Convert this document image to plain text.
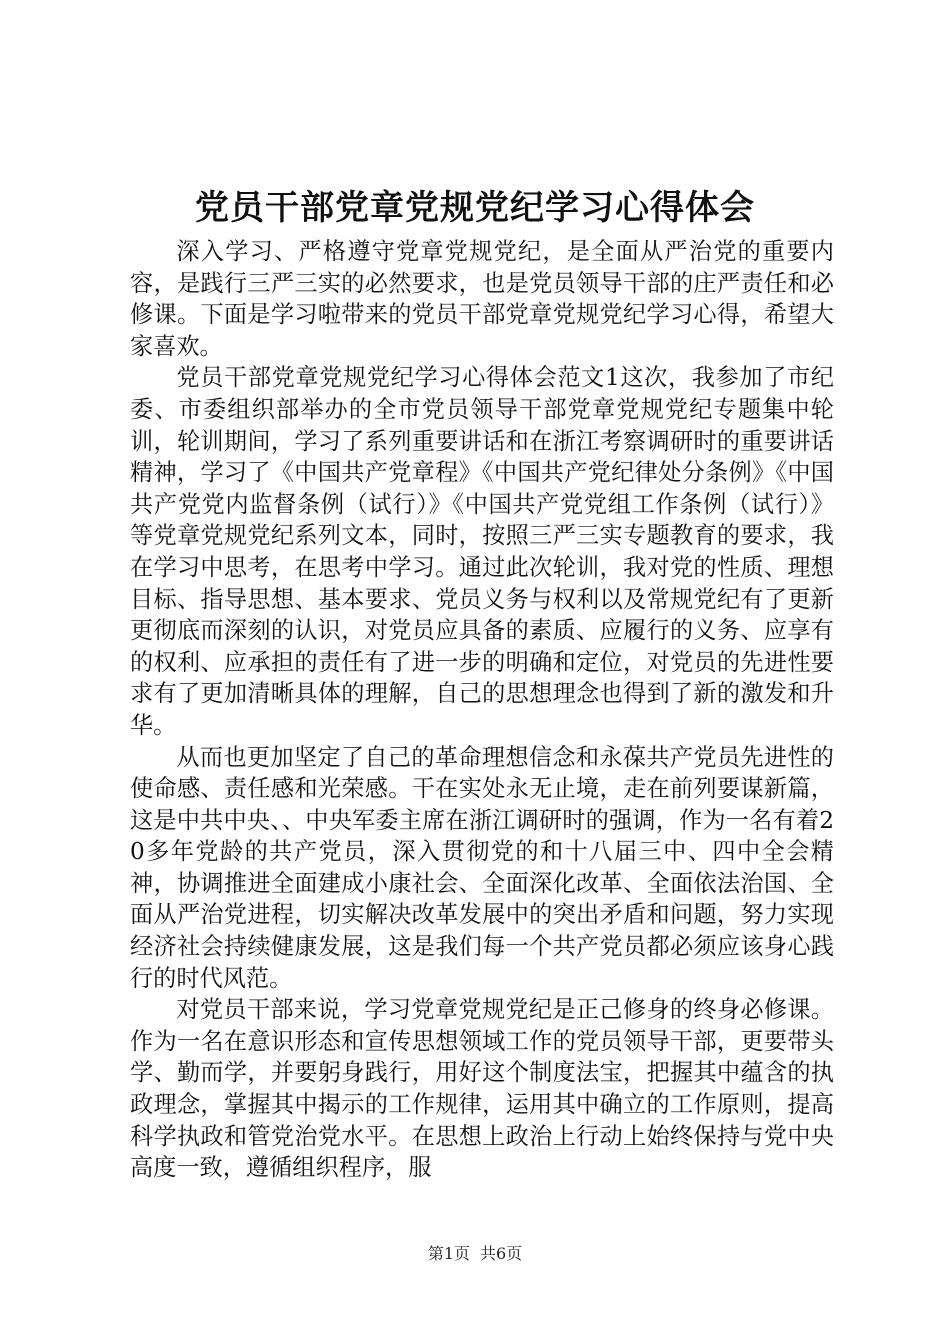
党员干部党章党规党纪学习心得体会

深入学习、严格遵守党章党规党纪，是全面从严治党的重要内容，是践行三严三实的必然要求，也是党员领导干部的庄严责任和必修课。下面是学习啦带来的党员干部党章党规党纪学习心得，希望大家喜欢。

党员干部党章党规党纪学习心得体会范文1这次，我参加了市纪委、市委组织部举办的全市党员领导干部党章党规党纪专题集中轮训，轮训期间，学习了系列重要讲话和在浙江考察调研时的重要讲话精神，学习了《中国共产党章程》《中国共产党纪律处分条例》《中国共产党党内监督条例（试行）》《中国共产党党组工作条例（试行）》等党章党规党纪系列文本，同时，按照三严三实专题教育的要求，我在学习中思考，在思考中学习。通过此次轮训，我对党的性质、理想目标、指导思想、基本要求、党员义务与权利以及常规党纪有了更新更彻底而深刻的认识，对党员应具备的素质、应履行的义务、应享有的权利、应承担的责任有了进一步的明确和定位，对党员的先进性要求有了更加清晰具体的理解，自己的思想理念也得到了新的激发和升华。

从而也更加坚定了自己的革命理想信念和永葆共产党员先进性的使命感、责任感和光荣感。干在实处永无止境，走在前列要谋新篇，这是中共中央、、中央军委主席在浙江调研时的强调，作为一名有着20多年党龄的共产党员，深入贯彻党的和十八届三中、四中全会精神，协调推进全面建成小康社会、全面深化改革、全面依法治国、全面从严治党进程，切实解决改革发展中的突出矛盾和问题，努力实现经济社会持续健康发展，这是我们每一个共产党员都必须应该身心践行的时代风范。

对党员干部来说，学习党章党规党纪是正己修身的终身必修课。作为一名在意识形态和宣传思想领域工作的党员领导干部，更要带头学、勤而学，并要躬身践行，用好这个制度法宝，把握其中蕴含的执政理念，掌握其中揭示的工作规律，运用其中确立的工作原则，提高科学执政和管党治党水平。在思想上政治上行动上始终保持与党中央高度一致，遵循组织程序，服

第1页 共6页
